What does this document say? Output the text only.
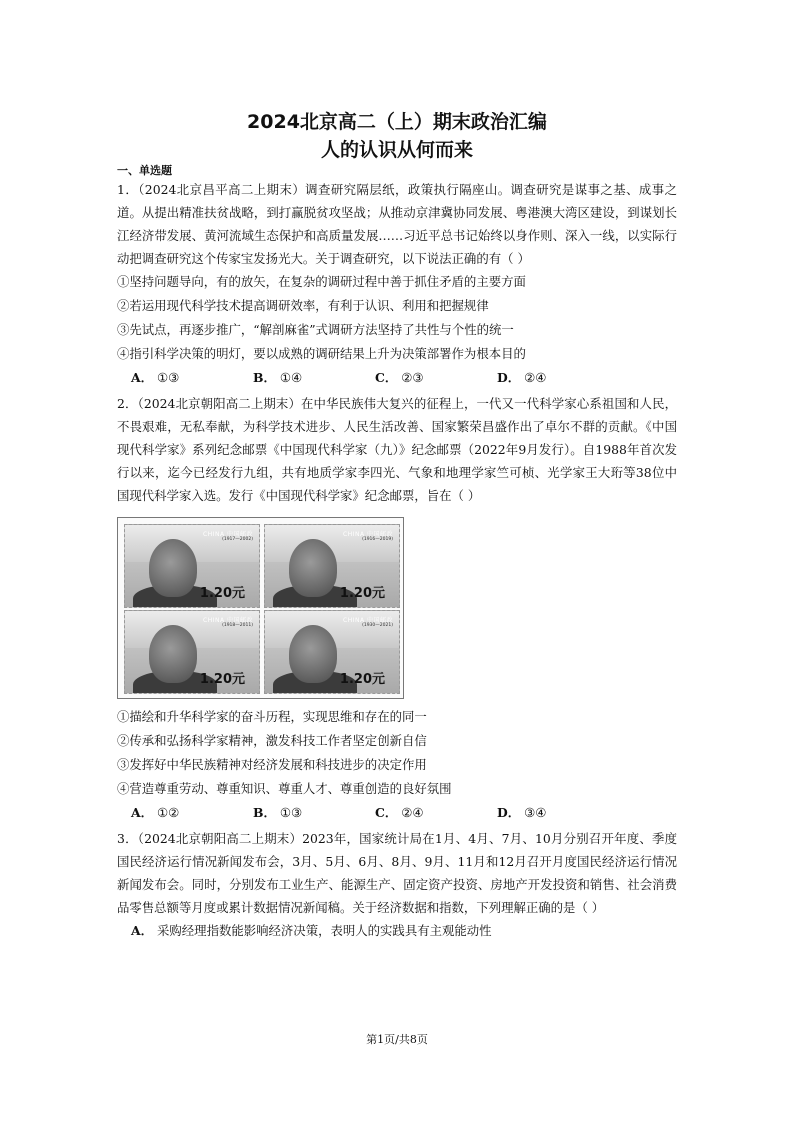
2024北京高二（上）期末政治汇编

人的认识从何而来

一、单选题

1．（2024北京昌平高二上期末）调查研究隔层纸，政策执行隔座山。调查研究是谋事之基、成事之道。从提出精准扶贫战略，到打赢脱贫攻坚战；从推动京津冀协同发展、粤港澳大湾区建设，到谋划长江经济带发展、黄河流域生态保护和高质量发展……习近平总书记始终以身作则、深入一线，以实际行动把调查研究这个传家宝发扬光大。关于调查研究，以下说法正确的有（ ）

①坚持问题导向，有的放矢，在复杂的调研过程中善于抓住矛盾的主要方面

②若运用现代科学技术提高调研效率，有利于认识、利用和把握规律

③先试点，再逐步推广，“解剖麻雀”式调研方法坚持了共性与个性的统一

④指引科学决策的明灯，要以成熟的调研结果上升为决策部署作为根本目的

A． ①③	B． ①④	C． ②③	D． ②④

2．（2024北京朝阳高二上期末）在中华民族伟大复兴的征程上，一代又一代科学家心系祖国和人民，不畏艰难，无私奉献，为科学技术进步、人民生活改善、国家繁荣昌盛作出了卓尔不群的贡献。《中国现代科学家》系列纪念邮票《中国现代科学家（九）》纪念邮票（2022年9月发行）。自1988年首次发行以来，迄今已经发行九组，共有地质学家李四光、气象和地理学家竺可桢、光学家王大珩等38位中国现代科学家入选。发行《中国现代科学家》纪念邮票，旨在（ ）

CHINA 中国邮政
(1917—2002)
1.20元
CHINA 中国邮政
(1916—2019)
1.20元
CHINA 中国邮政
(1918—2011)
1.20元
CHINA 中国邮政
(1930—2021)
1.20元

①描绘和升华科学家的奋斗历程，实现思维和存在的同一

②传承和弘扬科学家精神，激发科技工作者坚定创新自信

③发挥好中华民族精神对经济发展和科技进步的决定作用

④营造尊重劳动、尊重知识、尊重人才、尊重创造的良好氛围

A． ①②	B． ①③	C． ②④	D． ③④

3．（2024北京朝阳高二上期末）2023年，国家统计局在1月、4月、7月、10月分别召开年度、季度国民经济运行情况新闻发布会，3月、5月、6月、8月、9月、11月和12月召开月度国民经济运行情况新闻发布会。同时，分别发布工业生产、能源生产、固定资产投资、房地产开发投资和销售、社会消费品零售总额等月度或累计数据情况新闻稿。关于经济数据和指数，下列理解正确的是（ ）

A． 采购经理指数能影响经济决策，表明人的实践具有主观能动性
第1页/共8页
